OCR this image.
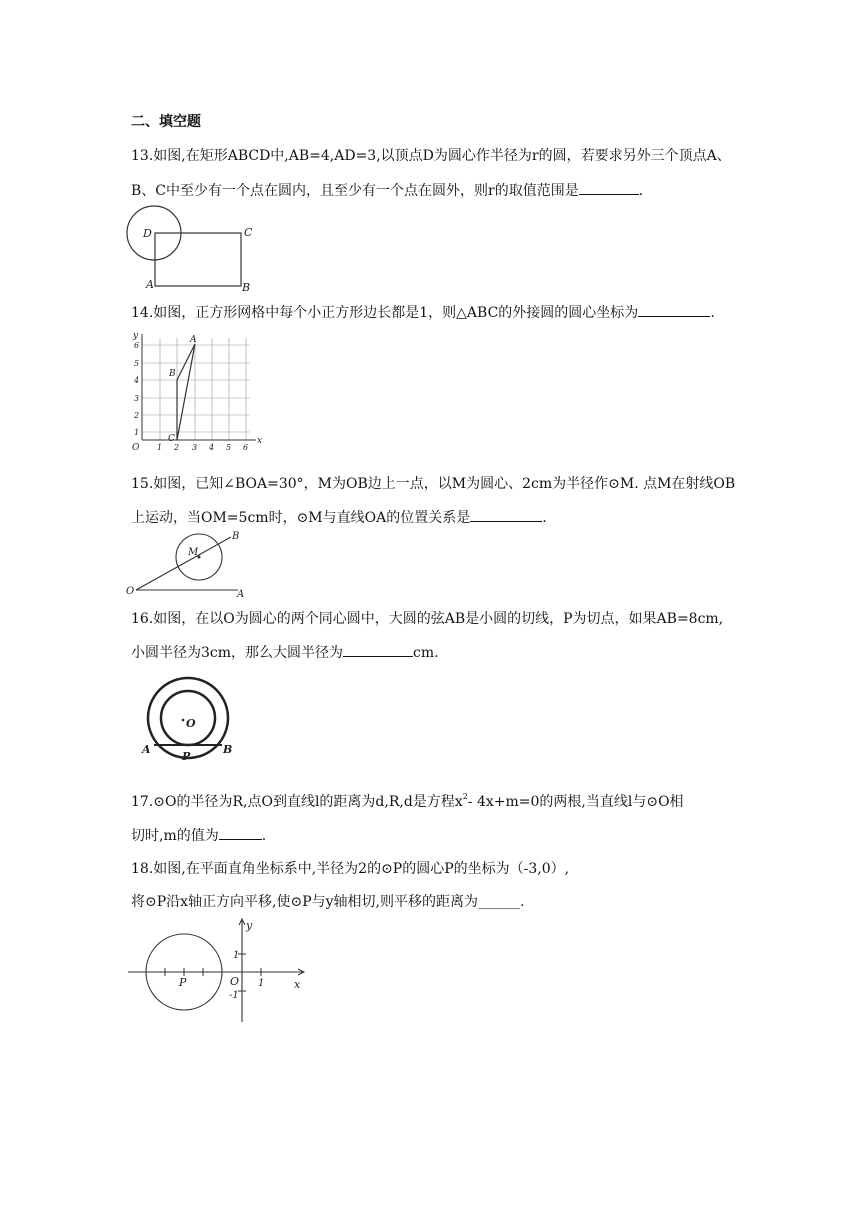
二、填空题
13.如图,在矩形ABCD中,AB=4,AD=3,以顶点D为圆心作半径为r的圆，若要求另外三个顶点A、
B、C中至少有一个点在圆内，且至少有一个点在圆外，则r的取值范围是	.
D	C
A	B
14.如图，正方形网格中每个小正方形边长都是1，则△ABC的外接圆的圆心坐标为	.
y
x
O
1
2
3
4
5
6
1 2 3 4 5 6
A
B
C
15.如图，已知∠BOA=30°，M为OB边上一点，以M为圆心、2cm为半径作⊙M. 点M在射线OB
上运动，当OM=5cm时，⊙M与直线OA的位置关系是	.
O	A
B
M
16.如图，在以O为圆心的两个同心圆中，大圆的弦AB是小圆的切线，P为切点，如果AB=8cm,
小圆半径为3cm，那么大圆半径为	cm.
O
A
P
B
17.⊙O的半径为R,点O到直线l的距离为d,R,d是方程$x^2-$ 4x+m=0的两根,当直线l与⊙O相
切时,m的值为	.
18.如图,在平面直角坐标系中,半径为2的⊙P的圆心P的坐标为（-3,0）,
将⊙P沿x轴正方向平移,使⊙P与y轴相切,则平移的距离为______.
y
x
O
P
1
1
-1
